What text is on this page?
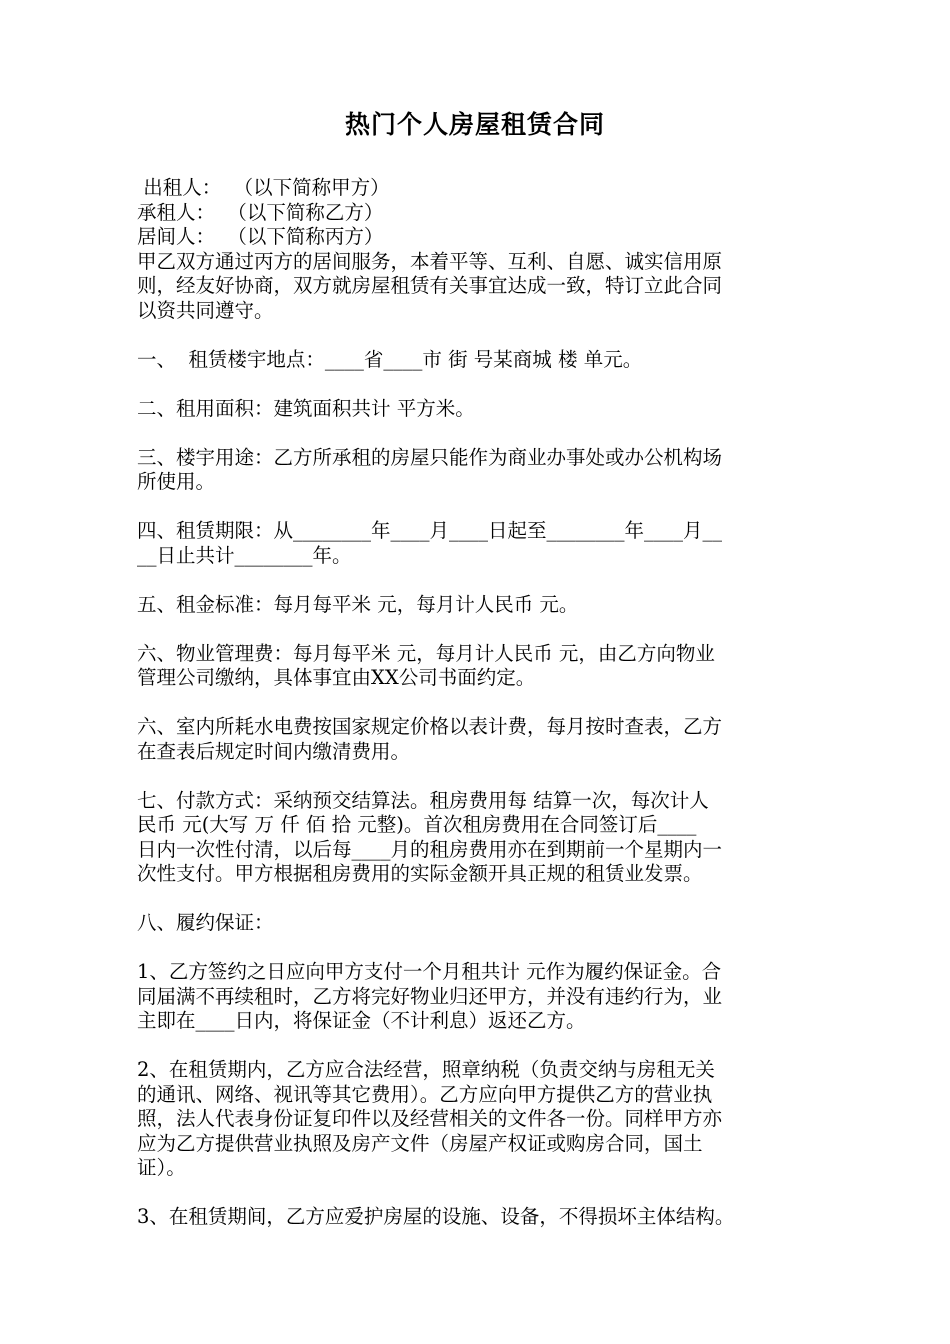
热门个人房屋租赁合同

出租人：  （以下简称甲方）

承租人：  （以下简称乙方）

居间人：  （以下简称丙方）

甲乙双方通过丙方的居间服务，本着平等、互利、自愿、诚实信用原

则，经友好协商，双方就房屋租赁有关事宜达成一致，特订立此合同

以资共同遵守。

一、  租赁楼宇地点：____省____市 街 号某商城 楼 单元。

二、租用面积：建筑面积共计 平方米。

三、楼宇用途：乙方所承租的房屋只能作为商业办事处或办公机构场

所使用。

四、租赁期限：从________年____月____日起至________年____月__

__日止共计________年。

五、租金标准：每月每平米 元，每月计人民币 元。

六、物业管理费：每月每平米 元，每月计人民币 元，由乙方向物业

管理公司缴纳，具体事宜由XX公司书面约定。

六、室内所耗水电费按国家规定价格以表计费，每月按时查表，乙方

在查表后规定时间内缴清费用。

七、付款方式：采纳预交结算法。租房费用每 结算一次，每次计人

民币 元(大写 万 仟 佰 拾 元整)。首次租房费用在合同签订后____

日内一次性付清，以后每____月的租房费用亦在到期前一个星期内一

次性支付。甲方根据租房费用的实际金额开具正规的租赁业发票。

八、履约保证：

1、乙方签约之日应向甲方支付一个月租共计 元作为履约保证金。合

同届满不再续租时，乙方将完好物业归还甲方，并没有违约行为，业

主即在____日内，将保证金（不计利息）返还乙方。

2、在租赁期内，乙方应合法经营，照章纳税（负责交纳与房租无关

的通讯、网络、视讯等其它费用）。乙方应向甲方提供乙方的营业执

照，法人代表身份证复印件以及经营相关的文件各一份。同样甲方亦

应为乙方提供营业执照及房产文件（房屋产权证或购房合同，国土

证）。

3、在租赁期间，乙方应爱护房屋的设施、设备，不得损坏主体结构。
